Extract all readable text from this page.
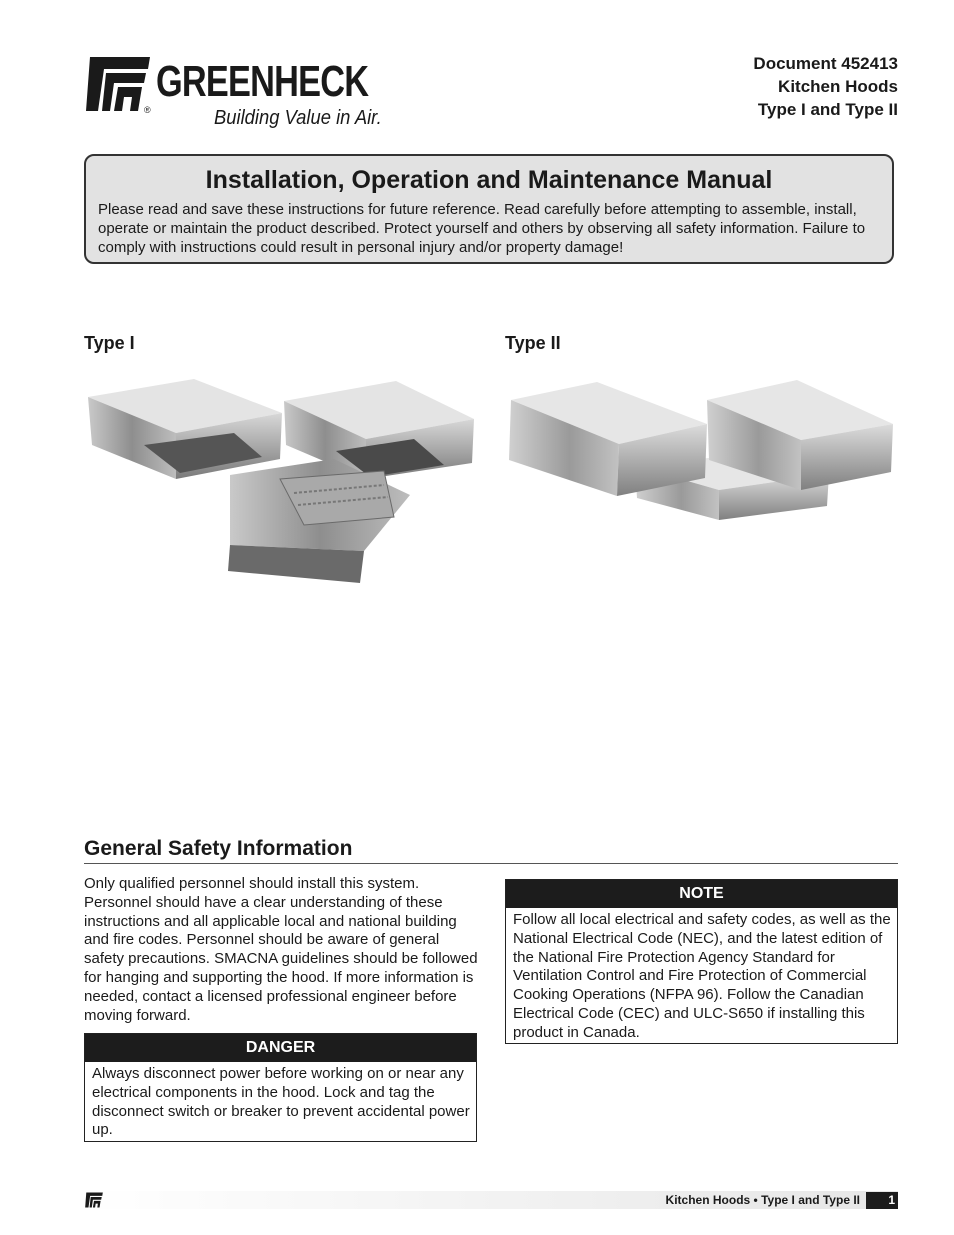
GREENHECK
®	Building Value in Air.
Document 452413
Kitchen Hoods
Type I and Type II
Installation, Operation and Maintenance Manual

Please read and save these instructions for future reference. Read carefully before attempting to assemble, install, operate or maintain the product described. Protect yourself and others by observing all safety information. Failure to comply with instructions could result in personal injury and/or property damage!

Type I	Type II
General Safety Information

Only qualified personnel should install this system. Personnel should have a clear understanding of these instructions and all applicable local and national building and fire codes. Personnel should be aware of general safety precautions. SMACNA guidelines should be followed for hanging and supporting the hood. If more information is needed, contact a licensed professional engineer before moving forward.

DANGER
Always disconnect power before working on or near any electrical components in the hood. Lock and tag the disconnect switch or breaker to prevent accidental power up.
NOTE
Follow all local electrical and safety codes, as well as the National Electrical Code (NEC), and the latest edition of the National Fire Protection Agency Standard for Ventilation Control and Fire Protection of Commercial Cooking Operations (NFPA 96). Follow the Canadian Electrical Code (CEC) and ULC-S650 if installing this product in Canada.
Kitchen Hoods • Type I and Type II	1
